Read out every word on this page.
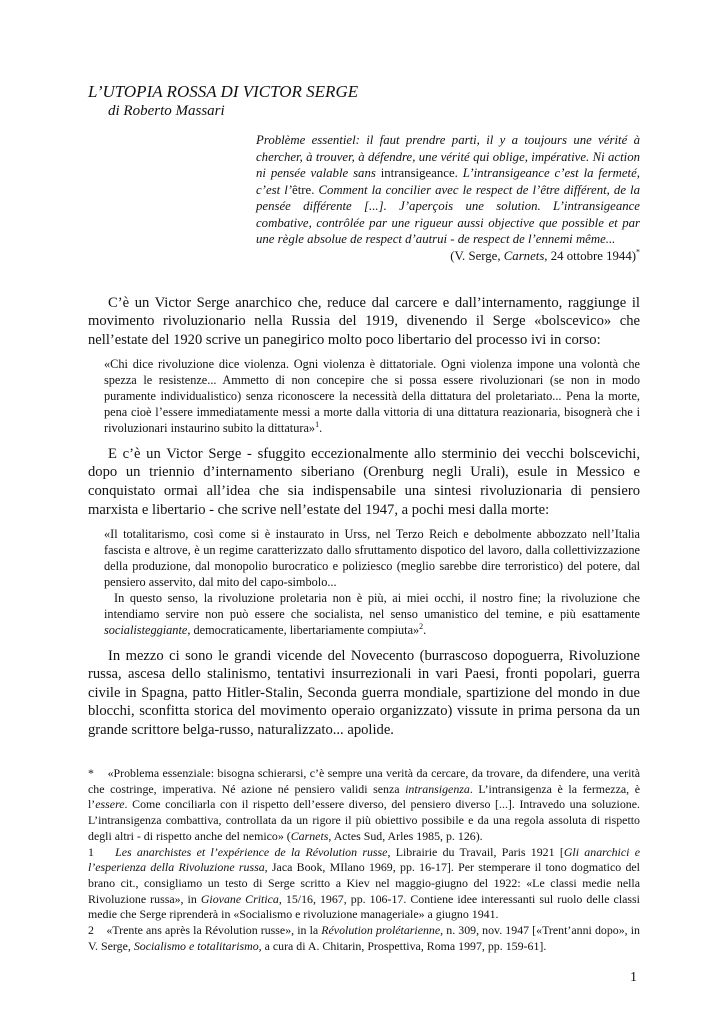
L’UTOPIA ROSSA DI VICTOR SERGE
di Roberto Massari
Problème essentiel: il faut prendre parti, il y a toujours une vérité à chercher, à trouver, à défendre, une vérité qui oblige, impérative. Ni action ni pensée valable sans intransigeance. L’intransigeance c’est la fermeté, c’est l’être. Comment la concilier avec le respect de l’être différent, de la pensée différente [...]. J’aperçois une solution. L’intransigeance combative, contrôlée par une rigueur aussi objective que possible et par une règle absolue de respect d’autrui - de respect de l’ennemi même...
(V. Serge, Carnets, 24 ottobre 1944)*

C’è un Victor Serge anarchico che, reduce dal carcere e dall’internamento, raggiunge il movimento rivoluzionario nella Russia del 1919, divenendo il Serge «bolscevico» che nell’estate del 1920 scrive un panegirico molto poco libertario del processo ivi in corso:

«Chi dice rivoluzione dice violenza. Ogni violenza è dittatoriale. Ogni violenza impone una volontà che spezza le resistenze... Ammetto di non concepire che si possa essere rivoluzionari (se non in modo puramente individualistico) senza riconoscere la necessità della dittatura del proletariato... Pena la morte, pena cioè l’essere immediatamente messi a morte dalla vittoria di una dittatura reazionaria, bisognerà che i rivoluzionari instaurino subito la dittatura»$^1$.

E c’è un Victor Serge - sfuggito eccezionalmente allo sterminio dei vecchi bolscevichi, dopo un triennio d’internamento siberiano (Orenburg negli Urali), esule in Messico e conquistato ormai all’idea che sia indispensabile una sintesi rivoluzionaria di pensiero marxista e libertario - che scrive nell’estate del 1947, a pochi mesi dalla morte:

«Il totalitarismo, così come si è instaurato in Urss, nel Terzo Reich e debolmente abbozzato nell’Italia fascista e altrove, è un regime caratterizzato dallo sfruttamento dispotico del lavoro, dalla collettivizzazione della produzione, dal monopolio burocratico e poliziesco (meglio sarebbe dire terroristico) del potere, dal pensiero asservito, dal mito del capo-simbolo...

In questo senso, la rivoluzione proletaria non è più, ai miei occhi, il nostro fine; la rivoluzione che intendiamo servire non può essere che socialista, nel senso umanistico del temine, e più esattamente socialisteggiante, democraticamente, libertariamente compiuta»$^2$.

In mezzo ci sono le grandi vicende del Novecento (burrascoso dopoguerra, Rivoluzione russa, ascesa dello stalinismo, tentativi insurrezionali in vari Paesi, fronti popolari, guerra civile in Spagna, patto Hitler-Stalin, Seconda guerra mondiale, spartizione del mondo in due blocchi, sconfitta storica del movimento operaio organizzato) vissute in prima persona da un grande scrittore belga-russo, naturalizzato... apolide.

* «Problema essenziale: bisogna schierarsi, c’è sempre una verità da cercare, da trovare, da difendere, una verità che costringe, imperativa. Né azione né pensiero validi senza intransigenza. L’intransigenza è la fermezza, è l’essere. Come conciliarla con il rispetto dell’essere diverso, del pensiero diverso [...]. Intravedo una soluzione. L’intransigenza combattiva, controllata da un rigore il più obiettivo possibile e da una regola assoluta di rispetto degli altri - di rispetto anche del nemico» (Carnets, Actes Sud, Arles 1985, p. 126).

1 Les anarchistes et l’expérience de la Révolution russe, Librairie du Travail, Paris 1921 [Gli anarchici e l’esperienza della Rivoluzione russa, Jaca Book, MIlano 1969, pp. 16-17]. Per stemperare il tono dogmatico del brano cit., consigliamo un testo di Serge scritto a Kiev nel maggio-giugno del 1922: «Le classi medie nella Rivoluzione russa», in Giovane Critica, 15/16, 1967, pp. 106-17. Contiene idee interessanti sul ruolo delle classi medie che Serge riprenderà in «Socialismo e rivoluzione manageriale» a giugno 1941.

2 «Trente ans après la Révolution russe», in la Révolution prolétarienne, n. 309, nov. 1947 [«Trent’anni dopo», in V. Serge, Socialismo e totalitarismo, a cura di A. Chitarin, Prospettiva, Roma 1997, pp. 159-61].

1
